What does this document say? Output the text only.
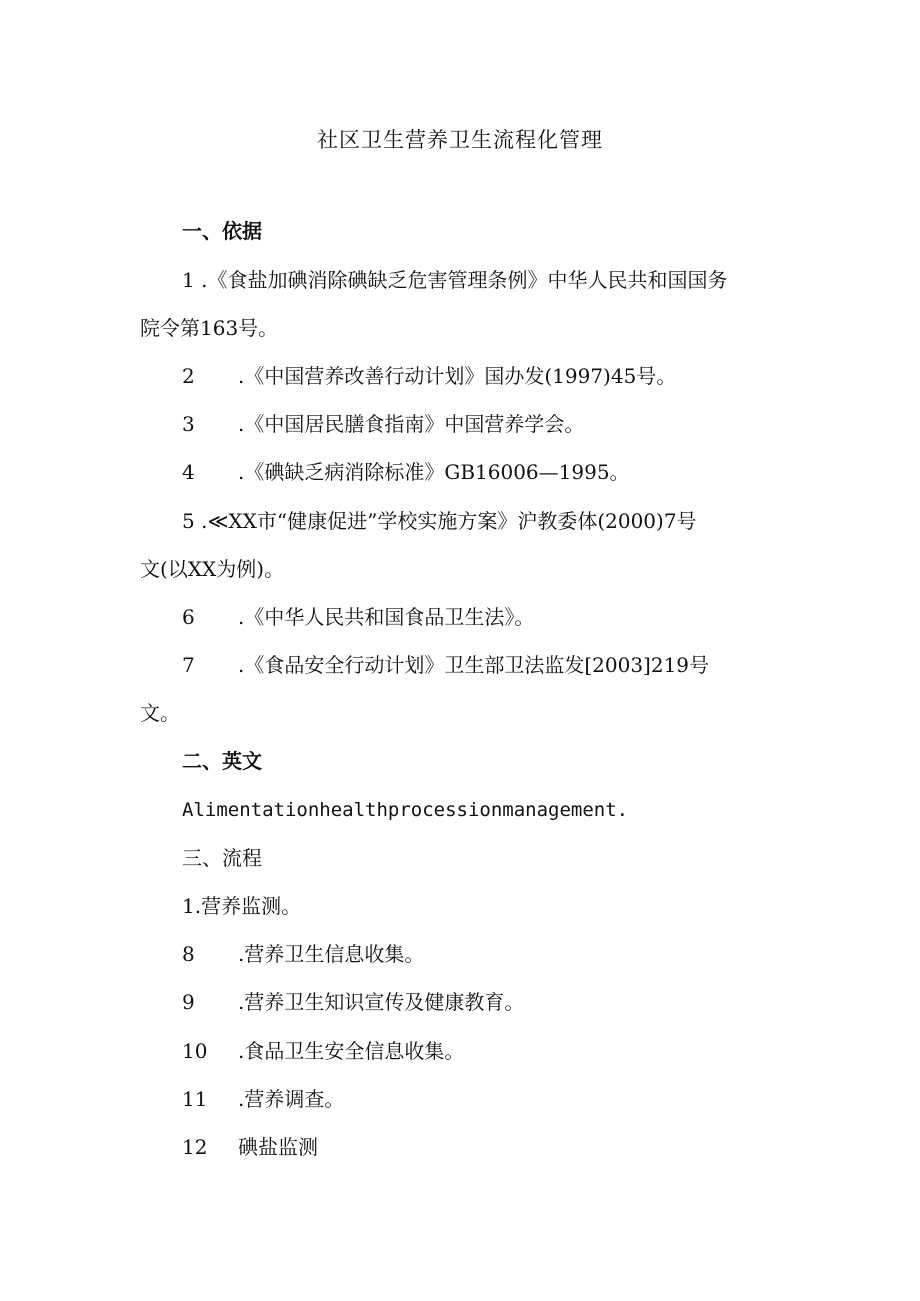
社区卫生营养卫生流程化管理
一、依据
1 .《食盐加碘消除碘缺乏危害管理条例》中华人民共和国国务
院令第163号。
2 .《中国营养改善行动计划》国办发(1997)45号。
3 .《中国居民膳食指南》中国营养学会。
4 .《碘缺乏病消除标准》GB16006—1995。
5 .≪XX市“健康促进”学校实施方案》沪教委体(2000)7号
文(以XX为例)。
6 .《中华人民共和国食品卫生法》。
7 .《食品安全行动计划》卫生部卫法监发[2003]219号
文。
二、英文
Alimentationhealthprocessionmanagement.
三、流程
1.营养监测。
8 .营养卫生信息收集。
9 .营养卫生知识宣传及健康教育。
10 .食品卫生安全信息收集。
11 .营养调查。
12 碘盐监测
